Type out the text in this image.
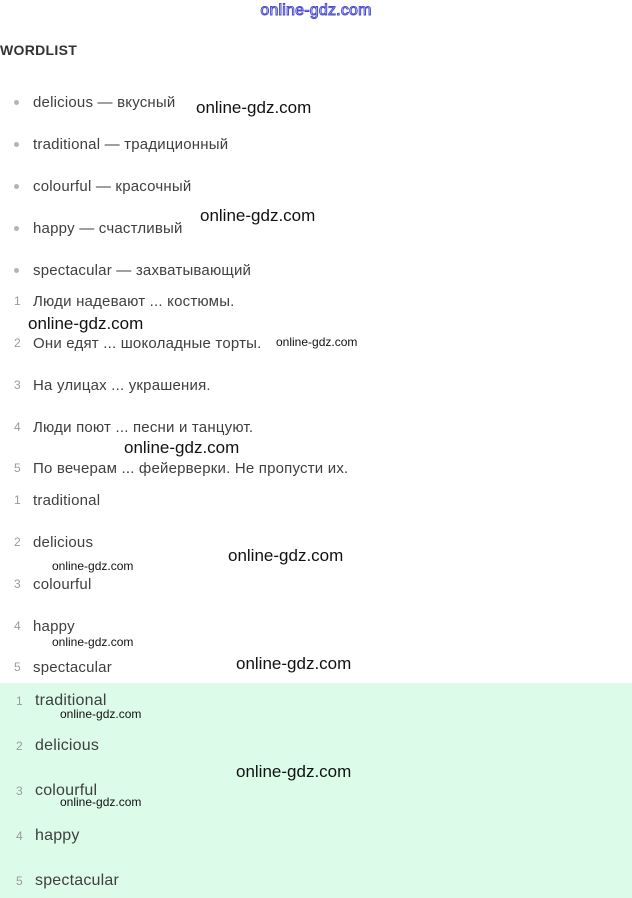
online-gdz.com
WORDLIST
delicious — вкусный
traditional — традиционный
colourful — красочный
happy — счастливый
spectacular — захватывающий
1 Люди надевают ... костюмы.
2 Они едят ... шоколадные торты.
3 На улицах ... украшения.
4 Люди поют ... песни и танцуют.
5 По вечерам ... фейерверки. Не пропусти их.
1 traditional
2 delicious
3 colourful
4 happy
5 spectacular
1 traditional
2 delicious
3 colourful
4 happy
5 spectacular
online-gdz.com
online-gdz.com
online-gdz.com
online-gdz.com
online-gdz.com
online-gdz.com
online-gdz.com
online-gdz.com
online-gdz.com
online-gdz.com
online-gdz.com
online-gdz.com
